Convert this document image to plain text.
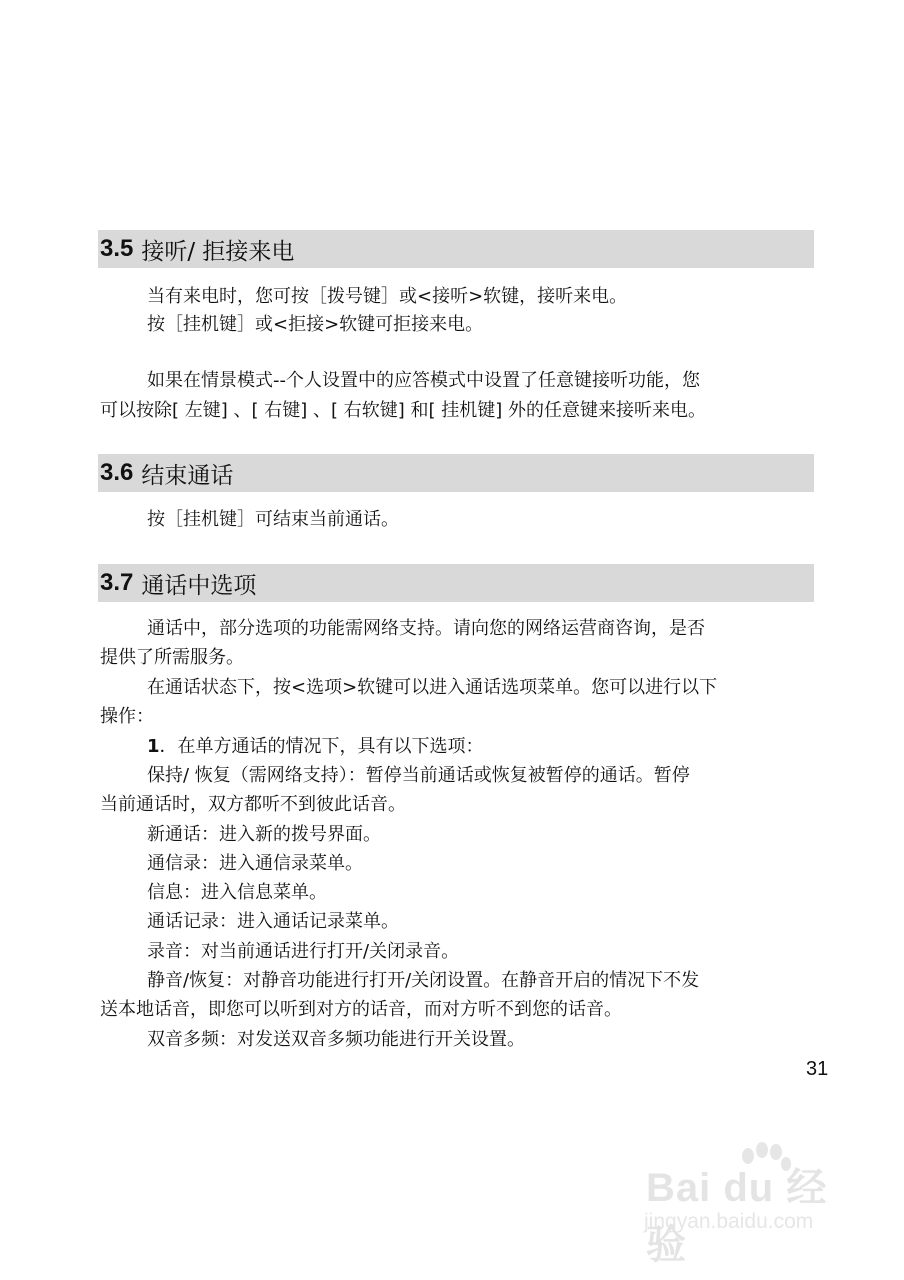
3.5 接听/ 拒接来电
当有来电时，您可按［拨号键］或<接听>软键，接听来电。
按［挂机键］或<拒接>软键可拒接来电。
如果在情景模式--个人设置中的应答模式中设置了任意键接听功能，您
可以按除[ 左键] 、[ 右键] 、[ 右软键] 和[ 挂机键] 外的任意键来接听来电。
3.6 结束通话
按［挂机键］可结束当前通话。
3.7 通话中选项
通话中，部分选项的功能需网络支持。请向您的网络运营商咨询，是否
提供了所需服务。
在通话状态下，按<选项>软键可以进入通话选项菜单。您可以进行以下
操作：
1．在单方通话的情况下，具有以下选项：
保持/ 恢复（需网络支持）：暂停当前通话或恢复被暂停的通话。暂停
当前通话时，双方都听不到彼此话音。
新通话：进入新的拨号界面。
通信录：进入通信录菜单。
信息：进入信息菜单。
通话记录：进入通话记录菜单。
录音：对当前通话进行打开/关闭录音。
静音/恢复：对静音功能进行打开/关闭设置。在静音开启的情况下不发
送本地话音，即您可以听到对方的话音，而对方听不到您的话音。
双音多频：对发送双音多频功能进行开关设置。
31
Bai du 经验
jingyan.baidu.com
